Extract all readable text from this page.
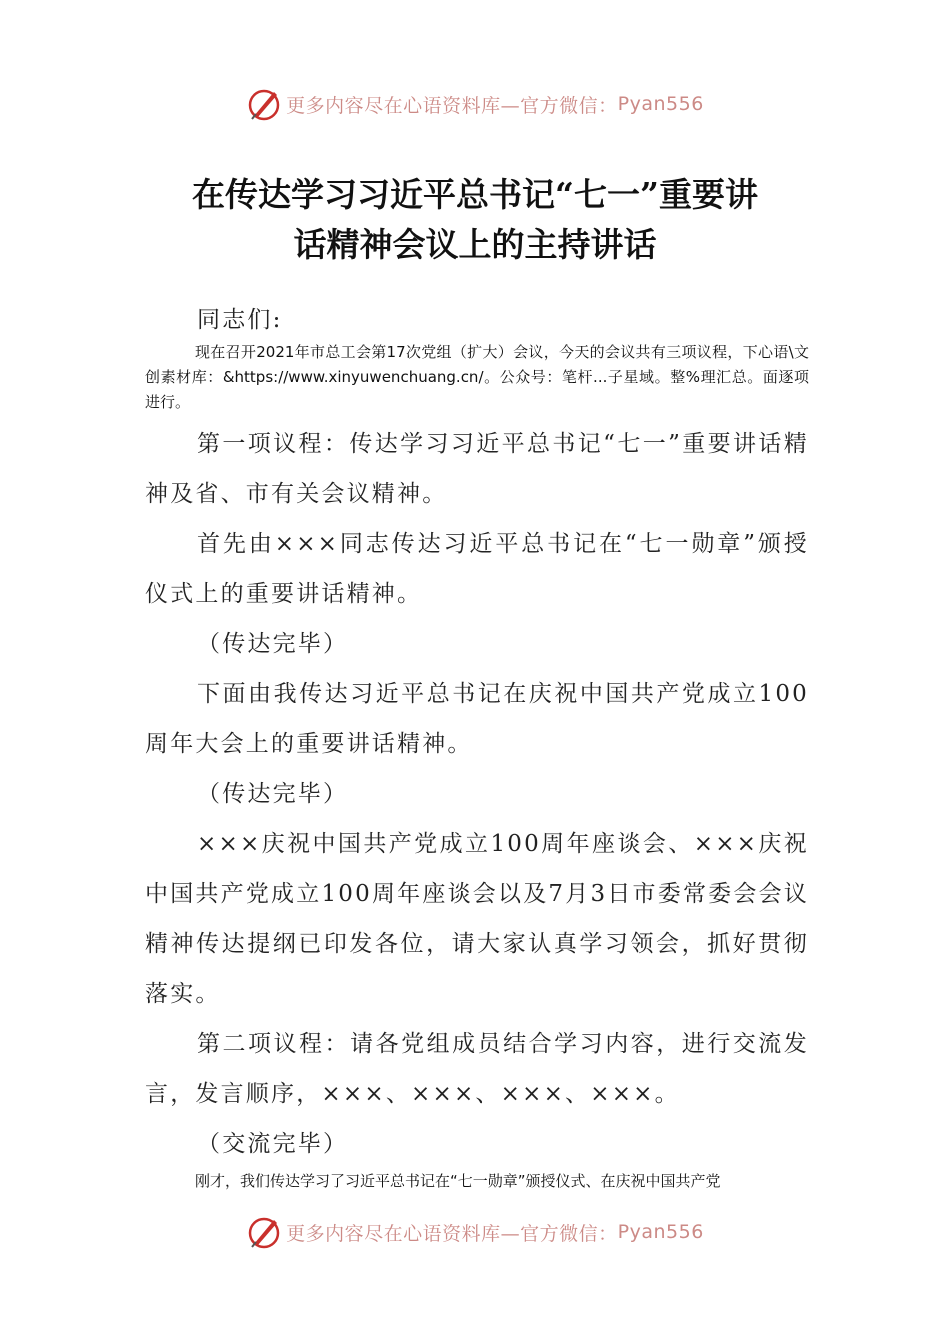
更多内容尽在心语资料库—官方微信： Pyan556
在传达学习习近平总书记“七一”重要讲
话精神会议上的主持讲话

同志们:

现在召开2021年市总工会第17次党组（扩大）会议，今天的会议共有三项议程，下心语\文创素材库：&https://www.xinyuwenchuang.cn/。公众号：笔杆...子星域。整%理汇总。面逐项进行。

第一项议程：传达学习习近平总书记“七一”重要讲话精神及省、市有关会议精神。

首先由×××同志传达习近平总书记在“七一勋章”颁授仪式上的重要讲话精神。

（传达完毕）

下面由我传达习近平总书记在庆祝中国共产党成立100周年大会上的重要讲话精神。

（传达完毕）

×××庆祝中国共产党成立100周年座谈会、×××庆祝中国共产党成立100周年座谈会以及7月3日市委常委会会议精神传达提纲已印发各位，请大家认真学习领会，抓好贯彻落实。

第二项议程：请各党组成员结合学习内容，进行交流发言，发言顺序，×××、×××、×××、×××。

（交流完毕）

刚才，我们传达学习了习近平总书记在“七一勋章”颁授仪式、在庆祝中国共产党

更多内容尽在心语资料库—官方微信： Pyan556
